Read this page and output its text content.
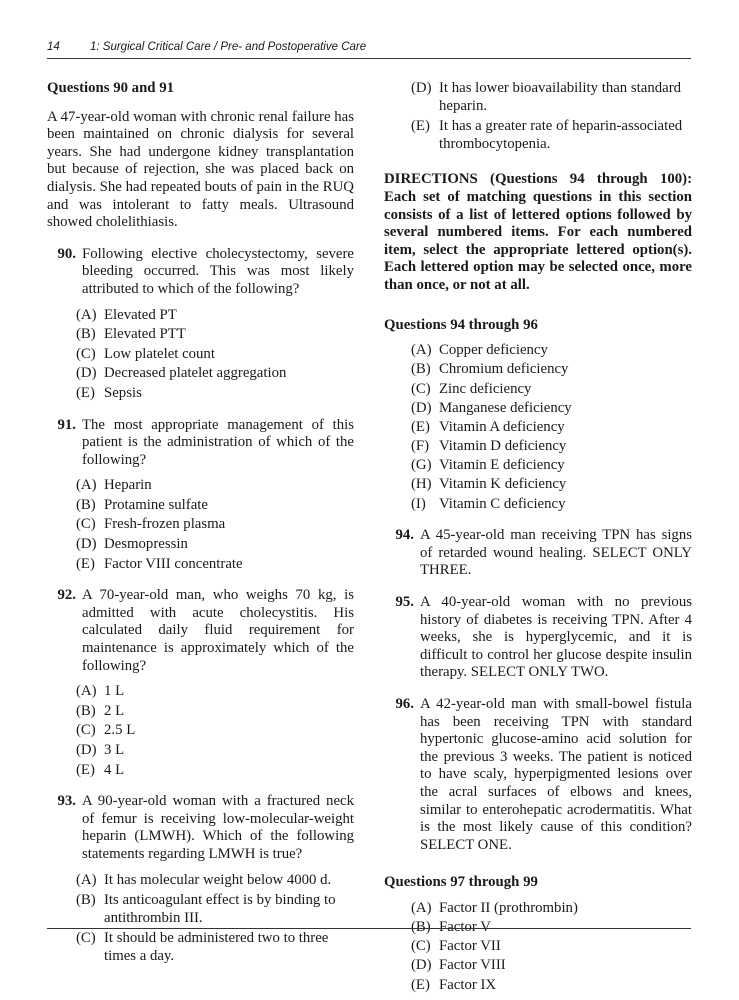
14	1: Surgical Critical Care / Pre- and Postoperative Care

Questions 90 and 91

A 47-year-old woman with chronic renal failure has been maintained on chronic dialysis for several years. She had undergone kidney transplantation but because of rejection, she was placed back on dialysis. She had repeated bouts of pain in the RUQ and was intolerant to fatty meals. Ultrasound showed cholelithiasis.

90. Following elective cholecystectomy, severe bleeding occurred. This was most likely attributed to which of the following?
(A) Elevated PT
(B) Elevated PTT
(C) Low platelet count
(D) Decreased platelet aggregation
(E) Sepsis
91. The most appropriate management of this patient is the administration of which of the following?
(A) Heparin
(B) Protamine sulfate
(C) Fresh-frozen plasma
(D) Desmopressin
(E) Factor VIII concentrate
92. A 70-year-old man, who weighs 70 kg, is admitted with acute cholecystitis. His calculated daily fluid requirement for maintenance is approximately which of the following?
(A) 1 L
(B) 2 L
(C) 2.5 L
(D) 3 L
(E) 4 L
93. A 90-year-old woman with a fractured neck of femur is receiving low-molecular-weight heparin (LMWH). Which of the following statements regarding LMWH is true?
(A) It has molecular weight below 4000 d.
(B) Its anticoagulant effect is by binding to antithrombin III.
(C) It should be administered two to three times a day.
(D) It has lower bioavailability than standard heparin.
(E) It has a greater rate of heparin-associated thrombocytopenia.

DIRECTIONS (Questions 94 through 100): Each set of matching questions in this section consists of a list of lettered options followed by several numbered items. For each numbered item, select the appropriate lettered option(s). Each lettered option may be selected once, more than once, or not at all.

Questions 94 through 96

(A) Copper deficiency
(B) Chromium deficiency
(C) Zinc deficiency
(D) Manganese deficiency
(E) Vitamin A deficiency
(F) Vitamin D deficiency
(G) Vitamin E deficiency
(H) Vitamin K deficiency
(I) Vitamin C deficiency
94. A 45-year-old man receiving TPN has signs of retarded wound healing. SELECT ONLY THREE.
95. A 40-year-old woman with no previous history of diabetes is receiving TPN. After 4 weeks, she is hyperglycemic, and it is difficult to control her glucose despite insulin therapy. SELECT ONLY TWO.
96. A 42-year-old man with small-bowel fistula has been receiving TPN with standard hypertonic glucose-amino acid solution for the previous 3 weeks. The patient is noticed to have scaly, hyperpigmented lesions over the acral surfaces of elbows and knees, similar to enterohepatic acrodermatitis. What is the most likely cause of this condition? SELECT ONE.

Questions 97 through 99

(A) Factor II (prothrombin)
(B) Factor V
(C) Factor VII
(D) Factor VIII
(E) Factor IX
